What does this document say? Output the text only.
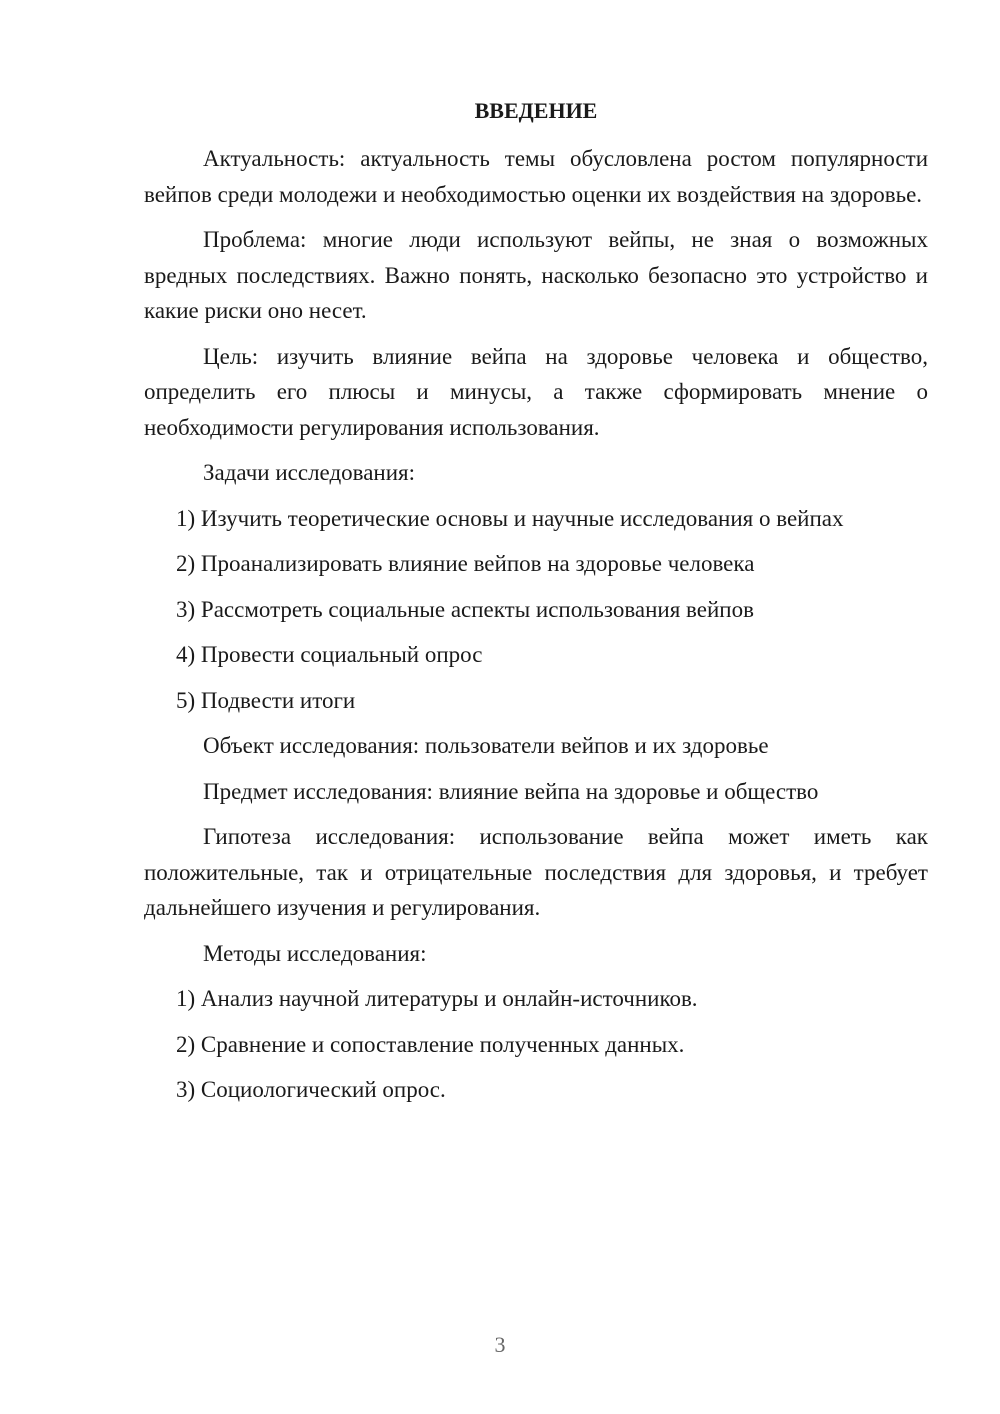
ВВЕДЕНИЕ

Актуальность: актуальность темы обусловлена ростом популярности вейпов среди молодежи и необходимостью оценки их воздействия на здоровье.

Проблема: многие люди используют вейпы, не зная о возможных вредных последствиях. Важно понять, насколько безопасно это устройство и какие риски оно несет.

Цель: изучить влияние вейпа на здоровье человека и общество, определить его плюсы и минусы, а также сформировать мнение о необходимости регулирования использования.

Задачи исследования:

1) Изучить теоретические основы и научные исследования о вейпах

2) Проанализировать влияние вейпов на здоровье человека

3) Рассмотреть социальные аспекты использования вейпов

4) Провести социальный опрос

5) Подвести итоги

Объект исследования: пользователи вейпов и их здоровье

Предмет исследования: влияние вейпа на здоровье и общество

Гипотеза исследования: использование вейпа может иметь как положительные, так и отрицательные последствия для здоровья, и требует дальнейшего изучения и регулирования.

Методы исследования:

1) Анализ научной литературы и онлайн-источников.

2) Сравнение и сопоставление полученных данных.

3) Социологический опрос.

3
